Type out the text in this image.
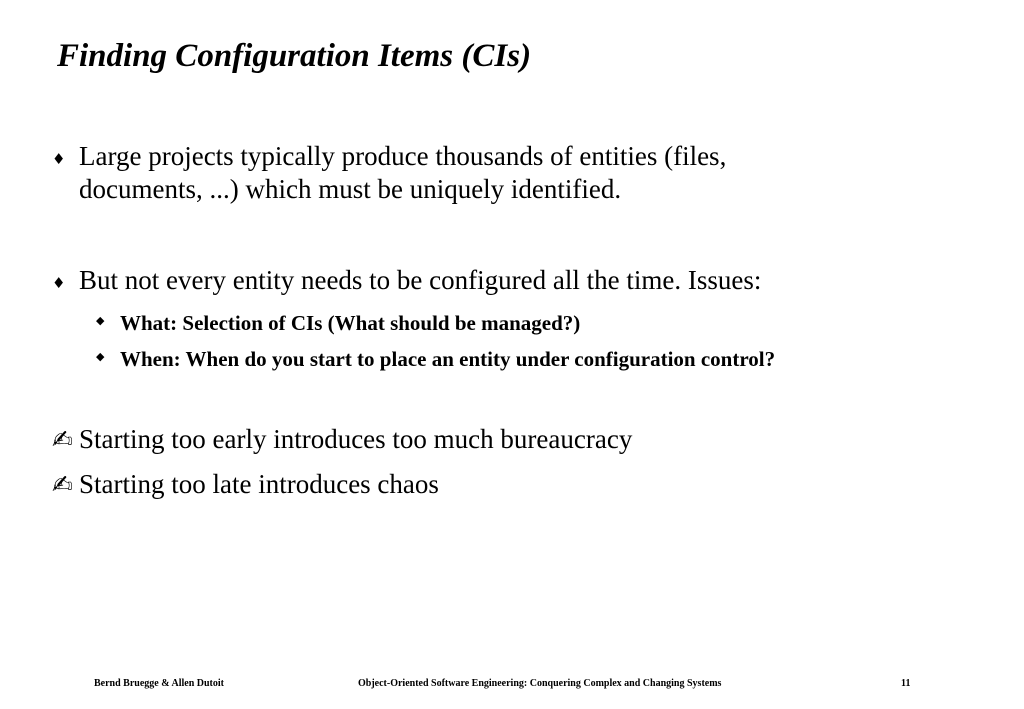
Finding Configuration Items (CIs)
♦ Large projects typically produce thousands of entities (files,
documents, ...) which must be uniquely identified.
♦ But not every entity needs to be configured all the time. Issues:
◆ What: Selection of CIs (What should be managed?)
◆ When: When do you start to place an entity under configuration control?
✍ Starting too early introduces too much bureaucracy
✍ Starting too late introduces chaos
Bernd Bruegge & Allen Dutoit	Object-Oriented Software Engineering: Conquering Complex and Changing Systems	11
